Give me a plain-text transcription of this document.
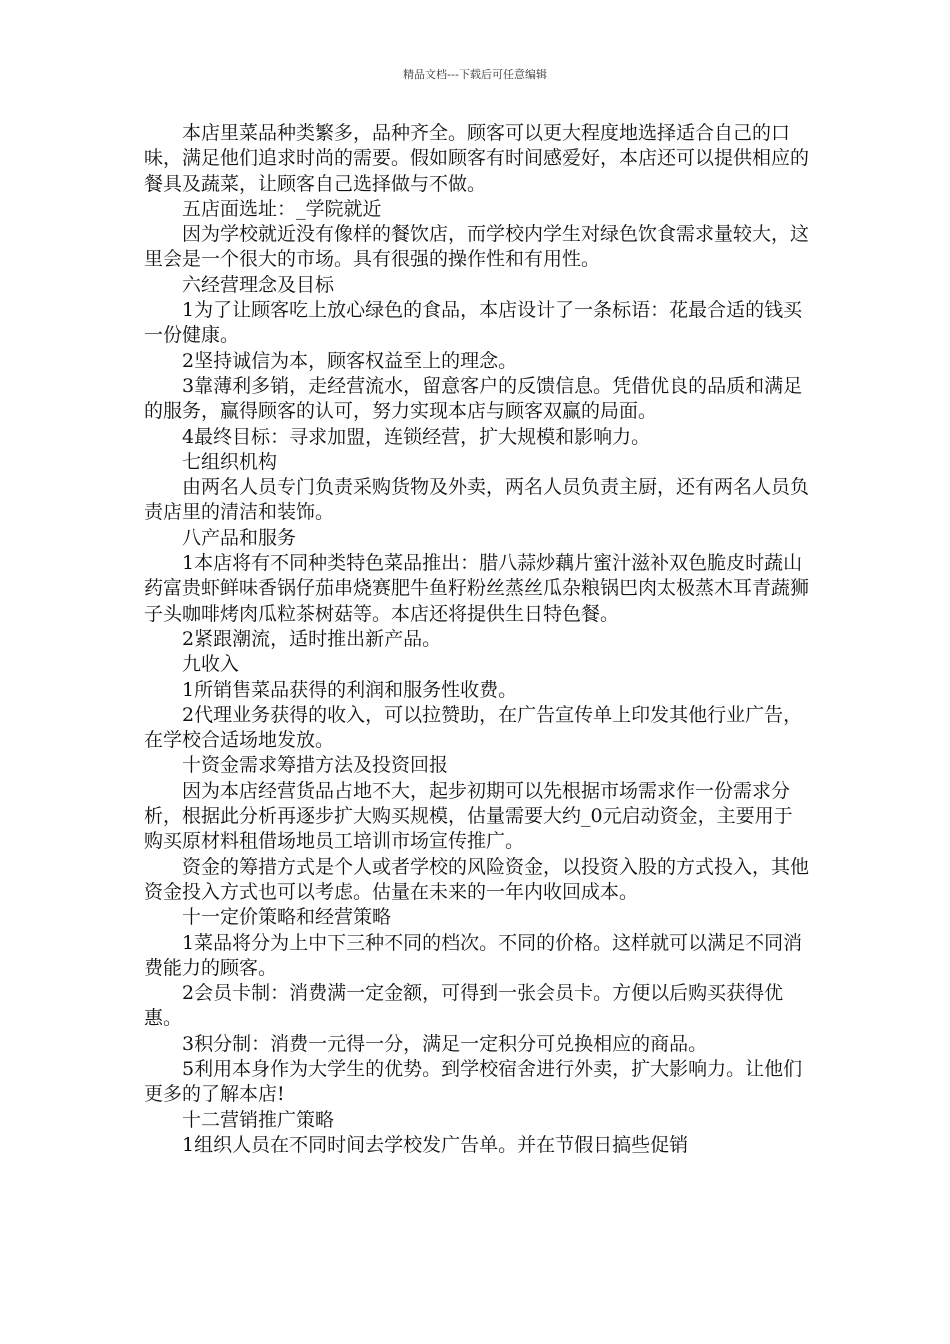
精品文档---下载后可任意编辑

本店里菜品种类繁多，品种齐全。顾客可以更大程度地选择适合自己的口味，满足他们追求时尚的需要。假如顾客有时间感爱好，本店还可以提供相应的餐具及蔬菜，让顾客自己选择做与不做。

五店面选址：_学院就近

因为学校就近没有像样的餐饮店，而学校内学生对绿色饮食需求量较大，这里会是一个很大的市场。具有很强的操作性和有用性。

六经营理念及目标

1为了让顾客吃上放心绿色的食品，本店设计了一条标语：花最合适的钱买一份健康。

2坚持诚信为本，顾客权益至上的理念。

3靠薄利多销，走经营流水，留意客户的反馈信息。凭借优良的品质和满足的服务，赢得顾客的认可，努力实现本店与顾客双赢的局面。

4最终目标：寻求加盟，连锁经营，扩大规模和影响力。

七组织机构

由两名人员专门负责采购货物及外卖，两名人员负责主厨，还有两名人员负责店里的清洁和装饰。

八产品和服务

1本店将有不同种类特色菜品推出：腊八蒜炒藕片蜜汁滋补双色脆皮时蔬山药富贵虾鲜味香锅仔茄串烧赛肥牛鱼籽粉丝蒸丝瓜杂粮锅巴肉太极蒸木耳青蔬狮子头咖啡烤肉瓜粒茶树菇等。本店还将提供生日特色餐。

2紧跟潮流，适时推出新产品。

九收入

1所销售菜品获得的利润和服务性收费。

2代理业务获得的收入，可以拉赞助，在广告宣传单上印发其他行业广告，在学校合适场地发放。

十资金需求筹措方法及投资回报

因为本店经营货品占地不大，起步初期可以先根据市场需求作一份需求分析，根据此分析再逐步扩大购买规模，估量需要大约_0元启动资金，主要用于购买原材料租借场地员工培训市场宣传推广。

资金的筹措方式是个人或者学校的风险资金，以投资入股的方式投入，其他资金投入方式也可以考虑。估量在未来的一年内收回成本。

十一定价策略和经营策略

1菜品将分为上中下三种不同的档次。不同的价格。这样就可以满足不同消费能力的顾客。

2会员卡制：消费满一定金额，可得到一张会员卡。方便以后购买获得优惠。

3积分制：消费一元得一分，满足一定积分可兑换相应的商品。

5利用本身作为大学生的优势。到学校宿舍进行外卖，扩大影响力。让他们更多的了解本店!

十二营销推广策略

1组织人员在不同时间去学校发广告单。并在节假日搞些促销
